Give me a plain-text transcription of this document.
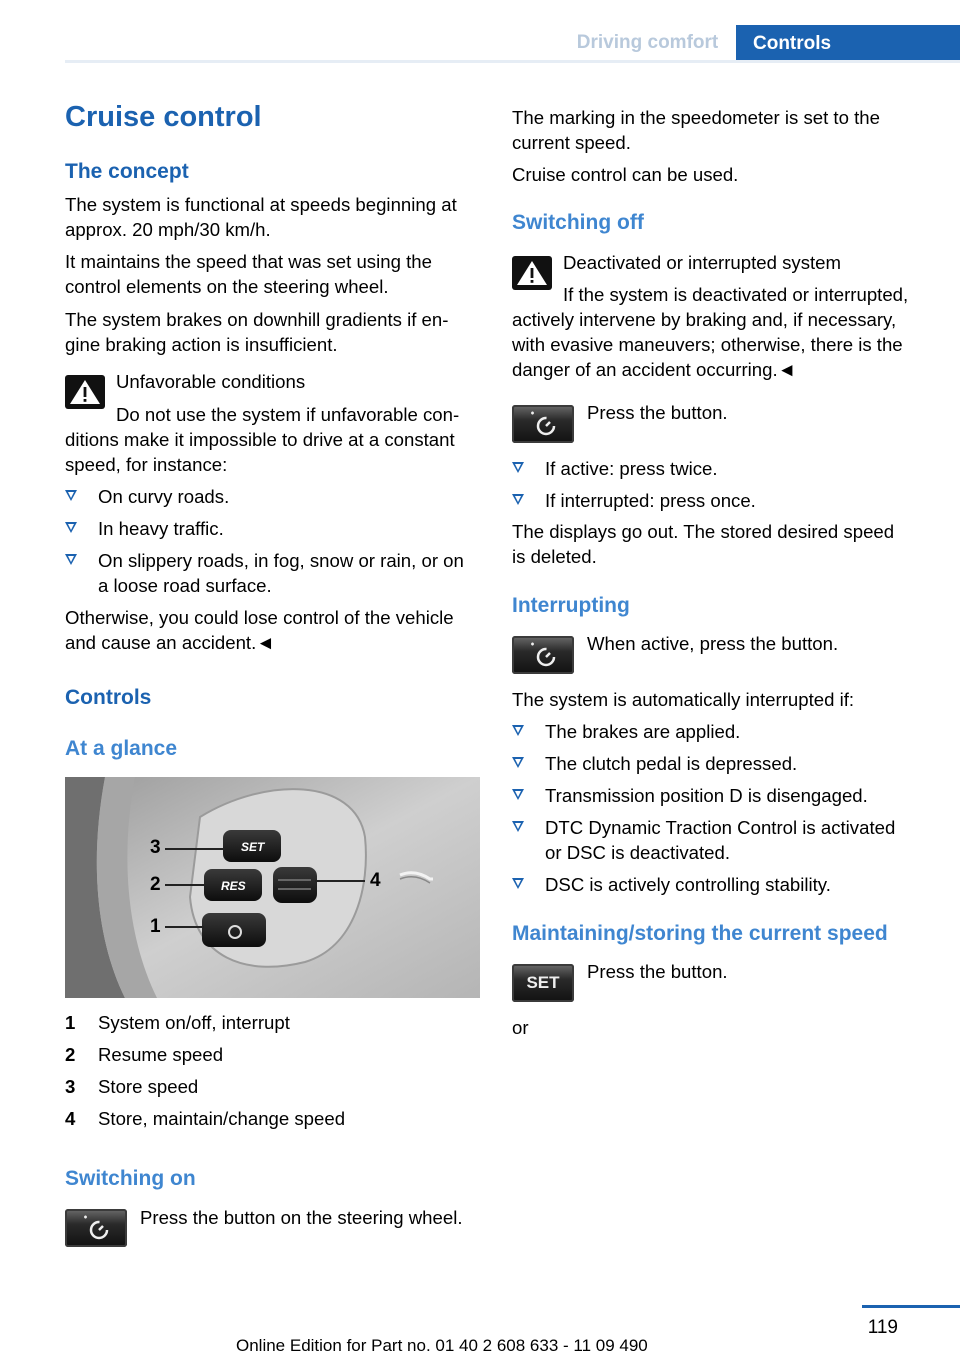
Driving comfort	Controls
Cruise control
The concept
The system is functional at speeds beginning at
approx. 20 mph/30 km/h.
It maintains the speed that was set using the
control elements on the steering wheel.
The system brakes on downhill gradients if en‐
gine braking action is insufficient.
Unfavorable conditions
Do not use the system if unfavorable con‐
ditions make it impossible to drive at a constant
speed, for instance:
On curvy roads.
In heavy traffic.
On slippery roads, in fog, snow or rain, or on
a loose road surface.
Otherwise, you could lose control of the vehicle
and cause an accident.◄
Controls
At a glance
SET
RES
3
2
1
4
1 System on/off, interrupt
2 Resume speed
3 Store speed
4 Store, maintain/change speed
Switching on
Press the button on the steering wheel.
The marking in the speedometer is set to the
current speed.
Cruise control can be used.
Switching off
Deactivated or interrupted system
If the system is deactivated or interrupted,
actively intervene by braking and, if necessary,
with evasive maneuvers; otherwise, there is the
danger of an accident occurring.◄
Press the button.
If active: press twice.
If interrupted: press once.
The displays go out. The stored desired speed
is deleted.
Interrupting
When active, press the button.
The system is automatically interrupted if:
The brakes are applied.
The clutch pedal is depressed.
Transmission position D is disengaged.
DTC Dynamic Traction Control is activated
or DSC is deactivated.
DSC is actively controlling stability.
Maintaining/storing the current speed
SET
Press the button.
or
119
Online Edition for Part no. 01 40 2 608 633 - 11 09 490
